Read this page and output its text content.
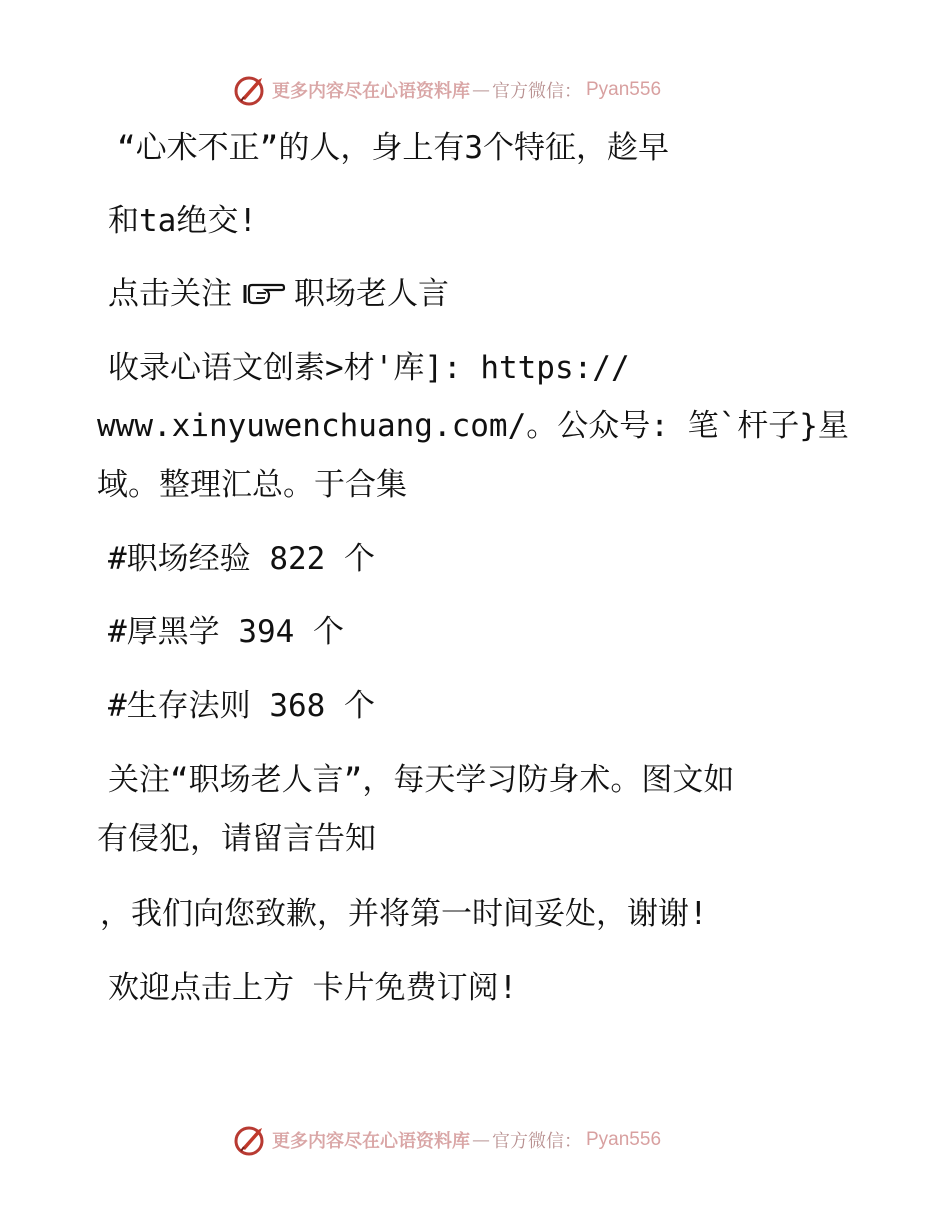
更多内容尽在心语资料库 — 官方微信 ： Pyan556
“心术不正”的人，身上有3个特征，趁早
和ta绝交!
点击关注 职场老人言
收录心语文创素>材'库]: https://
www.xinyuwenchuang.com/。公众号: 笔`杆子}星
域。整理汇总。于合集
#职场经验 822 个
#厚黑学 394 个
#生存法则 368 个
关注“职场老人言”，每天学习防身术。图文如
有侵犯，请留言告知
，我们向您致歉，并将第一时间妥处，谢谢!
欢迎点击上方 卡片免费订阅!
更多内容尽在心语资料库 — 官方微信 ： Pyan556
